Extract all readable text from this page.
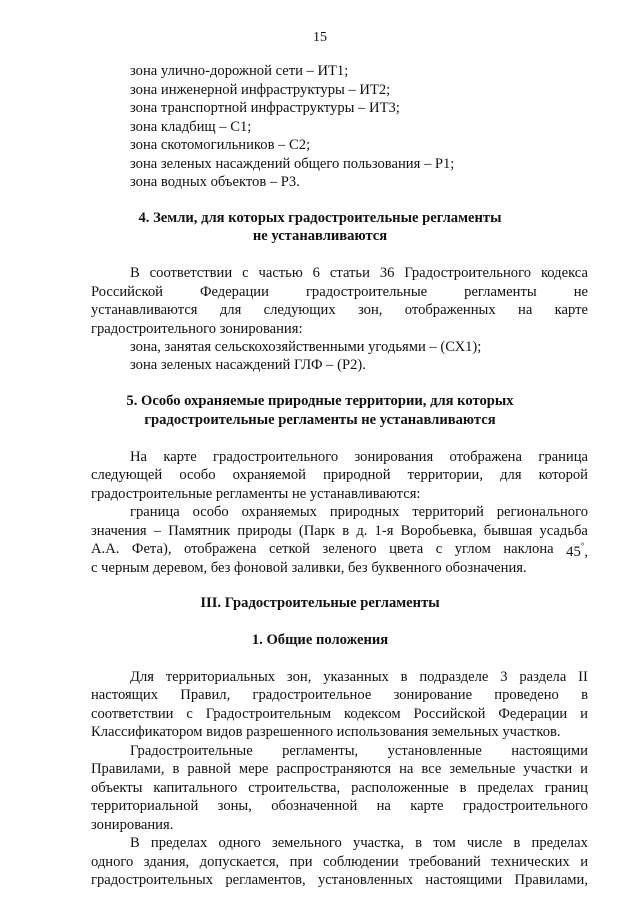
15
зона улично-дорожной сети – ИТ1;
зона инженерной инфраструктуры – ИТ2;
зона транспортной инфраструктуры – ИТ3;
зона кладбищ – С1;
зона скотомогильников – С2;
зона зеленых насаждений общего пользования – Р1;
зона водных объектов – Р3.
4. Земли, для которых градостроительные регламенты
не устанавливаются
В соответствии с частью 6 статьи 36 Градостроительного кодекса
Российской	Федерации	градостроительные	регламенты	не
устанавливаются для следующих зон, отображенных на карте
градостроительного зонирования:
зона, занятая сельскохозяйственными угодьями – (СХ1);
зона зеленых насаждений ГЛФ – (Р2).
5. Особо охраняемые природные территории, для которых
градостроительные регламенты не устанавливаются
На карте градостроительного зонирования отображена граница
следующей особо охраняемой природной территории, для которой
градостроительные регламенты не устанавливаются:
граница особо охраняемых природных территорий регионального
значения – Памятник природы (Парк в д. 1-я Воробьевка, бывшая усадьба
А.А. Фета), отображена сеткой зеленого цвета с углом наклона 45°,
с черным деревом, без фоновой заливки, без буквенного обозначения.
III. Градостроительные регламенты
1. Общие положения
Для территориальных зон, указанных в подразделе 3 раздела II
настоящих Правил, градостроительное зонирование проведено в
соответствии с Градостроительным кодексом Российской Федерации и
Классификатором видов разрешенного использования земельных участков.
Градостроительные регламенты, установленные настоящими
Правилами, в равной мере распространяются на все земельные участки и
объекты капитального строительства, расположенные в пределах границ
территориальной зоны, обозначенной на карте градостроительного
зонирования.
В пределах одного земельного участка, в том числе в пределах
одного здания, допускается, при соблюдении требований технических и
градостроительных регламентов, установленных настоящими Правилами,
